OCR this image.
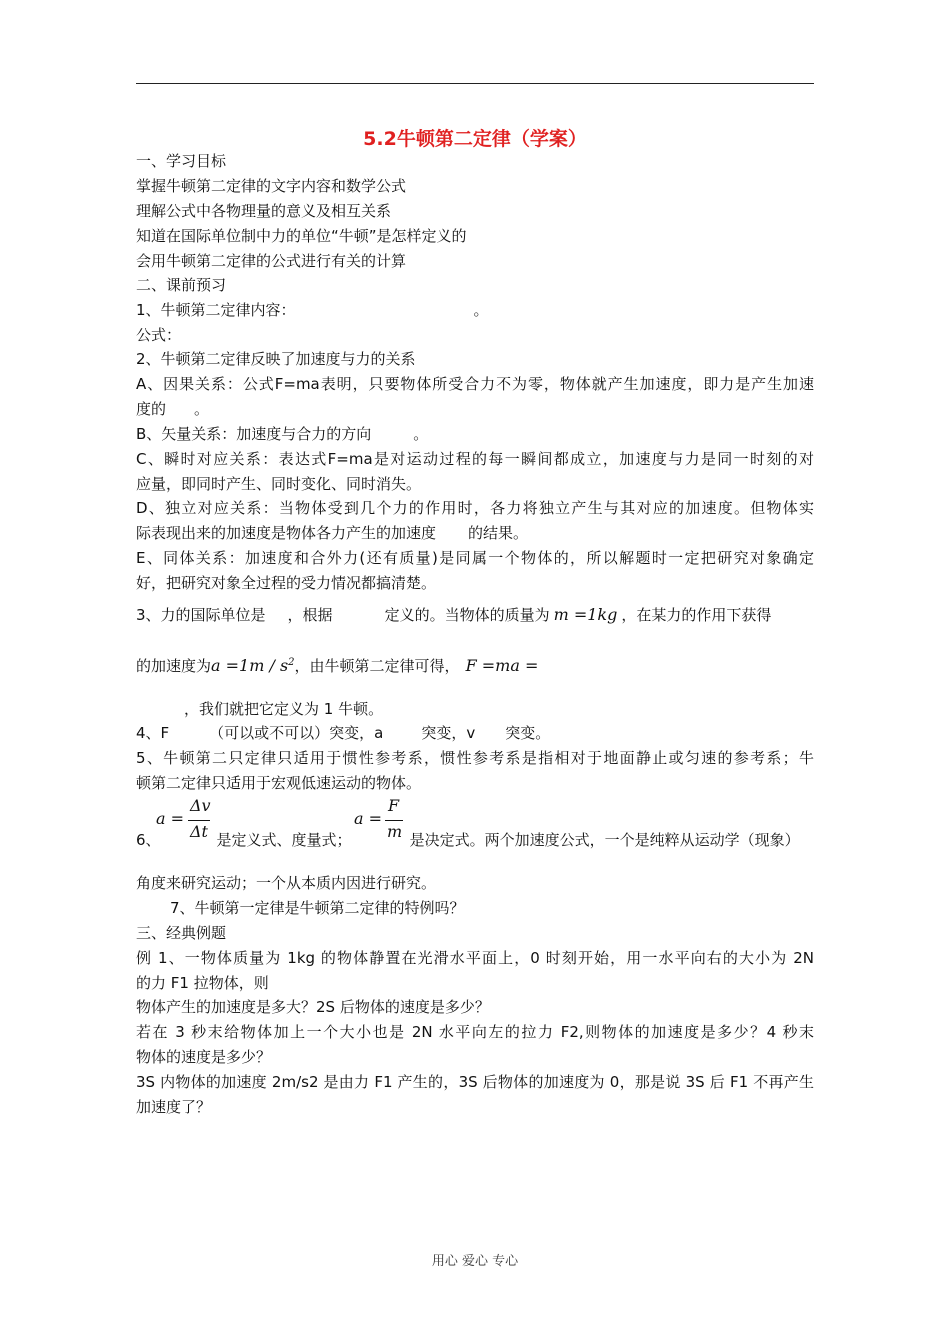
5.2牛顿第二定律（学案）
一、学习目标
掌握牛顿第二定律的文字内容和数学公式
理解公式中各物理量的意义及相互关系
知道在国际单位制中力的单位“牛顿”是怎样定义的
会用牛顿第二定律的公式进行有关的计算
二、课前预习
1、牛顿第二定律内容：	。
公式：
2、牛顿第二定律反映了加速度与力的关系
A、因果关系：公式F=ma表明，只要物体所受合力不为零，物体就产生加速度，即力是产生加速
度的 。
B、矢量关系：加速度与合力的方向	。
C、瞬时对应关系：表达式F=ma是对运动过程的每一瞬间都成立，加速度与力是同一时刻的对
应量，即同时产生、同时变化、同时消失。
D、独立对应关系：当物体受到几个力的作用时，各力将独立产生与其对应的加速度。但物体实
际表现出来的加速度是物体各力产生的加速度 的结果。
E、同体关系：加速度和合外力(还有质量)是同属一个物体的，所以解题时一定把研究对象确定
好，把研究对象全过程的受力情况都搞清楚。
3、力的国际单位是 ，根据	定义的。当物体的质量为 m =1kg ，在某力的作用下获得
的加速度为$a =1m / s^2$，由牛顿第二定律可得， F =ma =
，我们就把它定义为 1 牛顿。
4、F	（可以或不可以）突变，a	突变，v 突变。
5、牛顿第二只定律只适用于惯性参考系，惯性参考系是指相对于地面静止或匀速的参考系；牛
顿第二定律只适用于宏观低速运动的物体。
a =
Δv
Δt
a =
F
m
6、	是定义式、度量式；	是决定式。两个加速度公式，一个是纯粹从运动学（现象）
角度来研究运动；一个从本质内因进行研究。
7、牛顿第一定律是牛顿第二定律的特例吗？
三、经典例题
例 1、一物体质量为 1kg 的物体静置在光滑水平面上，0 时刻开始，用一水平向右的大小为 2N
的力 F1 拉物体，则
物体产生的加速度是多大？2S 后物体的速度是多少？
若在 3 秒末给物体加上一个大小也是 2N 水平向左的拉力 F2,则物体的加速度是多少？4 秒末
物体的速度是多少？
3S 内物体的加速度 2m/s2 是由力 F1 产生的，3S 后物体的加速度为 0，那是说 3S 后 F1 不再产生
加速度了？
用心 爱心 专心
